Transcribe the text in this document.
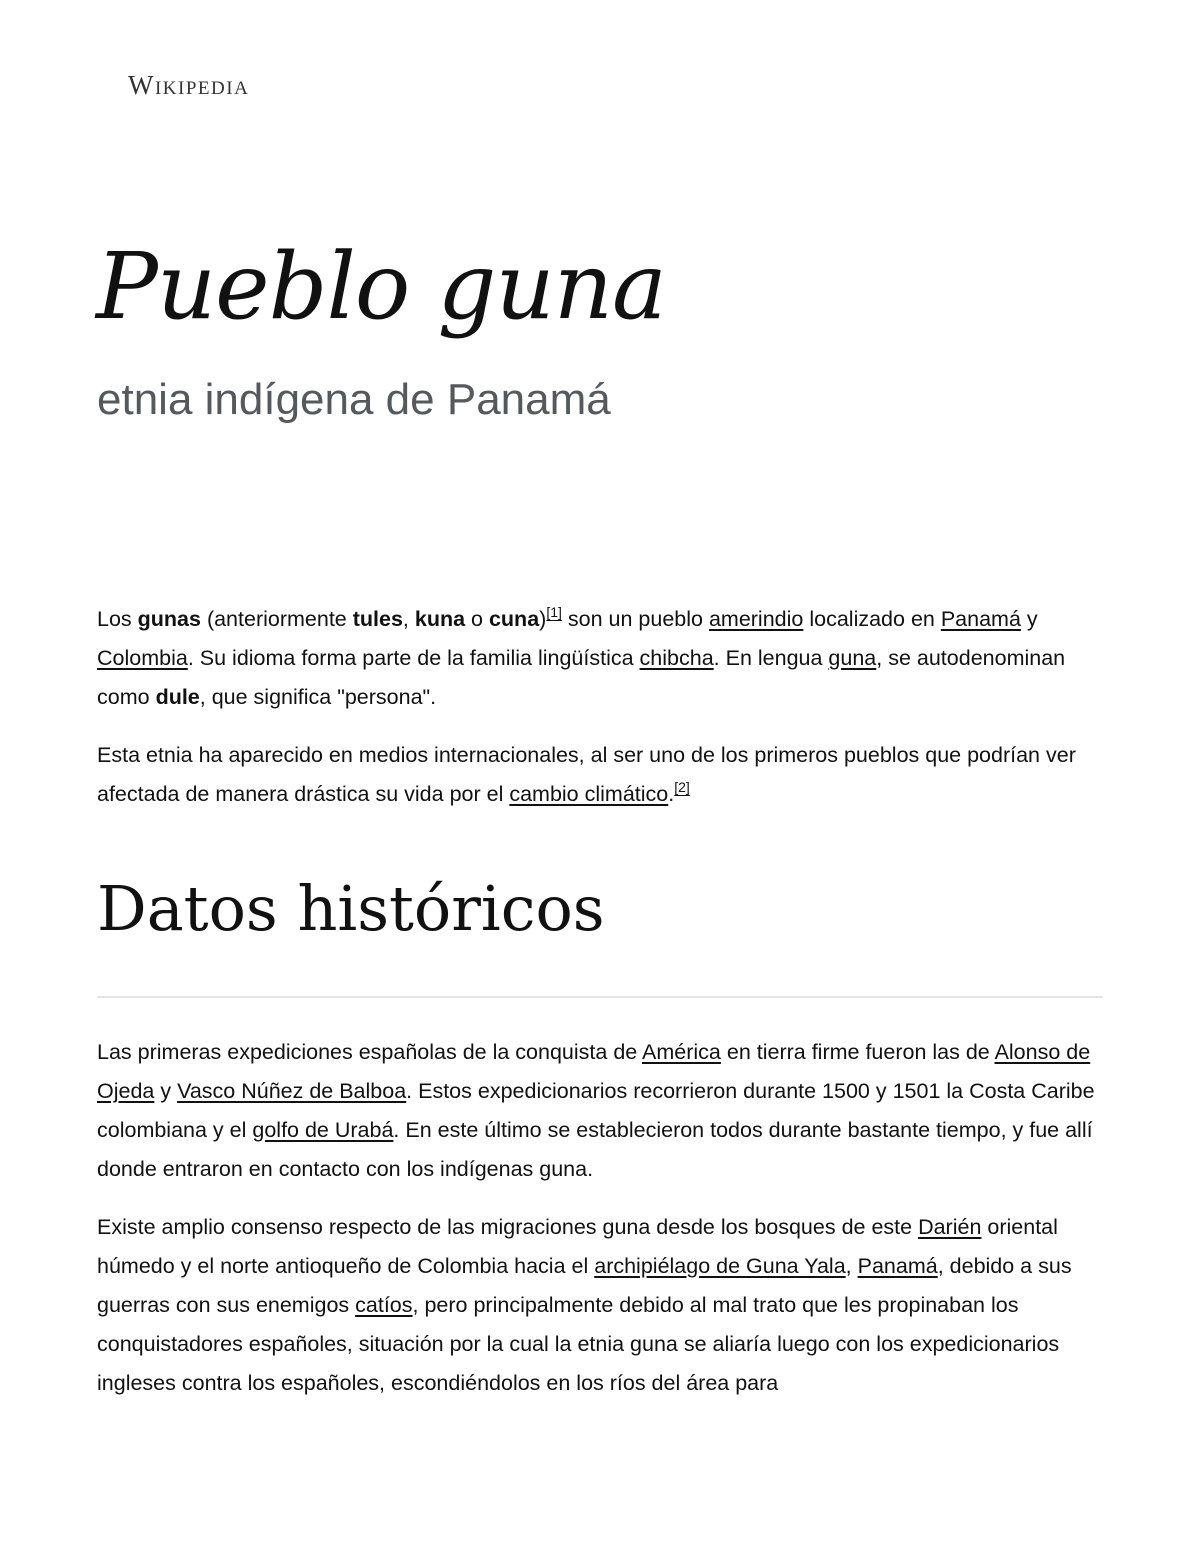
Wikipedia
Pueblo guna
etnia indígena de Panamá

Los gunas (anteriormente tules, kuna o cuna)[1] son un pueblo amerindio localizado en Panamá y Colombia. Su idioma forma parte de la familia lingüística chibcha. En lengua guna, se autodenominan como dule, que significa "persona".

Esta etnia ha aparecido en medios internacionales, al ser uno de los primeros pueblos que podrían ver afectada de manera drástica su vida por el cambio climático.[2]

Datos históricos

Las primeras expediciones españolas de la conquista de América en tierra firme fueron las de Alonso de Ojeda y Vasco Núñez de Balboa. Estos expedicionarios recorrieron durante 1500 y 1501 la Costa Caribe colombiana y el golfo de Urabá. En este último se establecieron todos durante bastante tiempo, y fue allí donde entraron en contacto con los indígenas guna.

Existe amplio consenso respecto de las migraciones guna desde los bosques de este Darién oriental húmedo y el norte antioqueño de Colombia hacia el archipiélago de Guna Yala, Panamá, debido a sus guerras con sus enemigos catíos, pero principalmente debido al mal trato que les propinaban los conquistadores españoles, situación por la cual la etnia guna se aliaría luego con los expedicionarios ingleses contra los españoles, escondiéndolos en los ríos del área para
